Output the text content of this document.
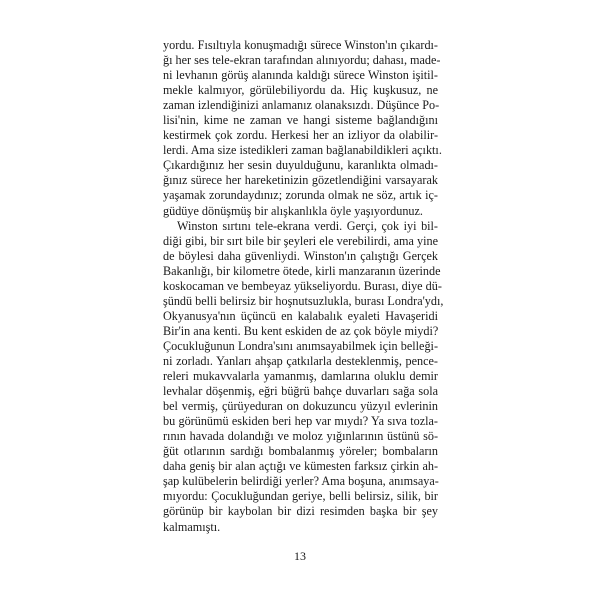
yordu. Fısıltıyla konuşmadığı sürece Winston'ın çıkardı-
ğı her ses tele-ekran tarafından alınıyordu; dahası, made-
ni levhanın görüş alanında kaldığı sürece Winston işitil-
mekle kalmıyor, görülebiliyordu da. Hiç kuşkusuz, ne
zaman izlendiğinizi anlamanız olanaksızdı. Düşünce Po-
lisi'nin, kime ne zaman ve hangi sisteme bağlandığını
kestirmek çok zordu. Herkesi her an izliyor da olabilir-
lerdi. Ama size istedikleri zaman bağlanabildikleri açıktı.
Çıkardığınız her sesin duyulduğunu, karanlıkta olmadı-
ğınız sürece her hareketinizin gözetlendiğini varsayarak
yaşamak zorundaydınız; zorunda olmak ne söz, artık iç-
güdüye dönüşmüş bir alışkanlıkla öyle yaşıyordunuz.
Winston sırtını tele-ekrana verdi. Gerçi, çok iyi bil-
diği gibi, bir sırt bile bir şeyleri ele verebilirdi, ama yine
de böylesi daha güvenliydi. Winston'ın çalıştığı Gerçek
Bakanlığı, bir kilometre ötede, kirli manzaranın üzerinde
koskocaman ve bembeyaz yükseliyordu. Burası, diye dü-
şündü belli belirsiz bir hoşnutsuzlukla, burası Londra'ydı,
Okyanusya'nın üçüncü en kalabalık eyaleti Havaşeridi
Bir'in ana kenti. Bu kent eskiden de az çok böyle miydi?
Çocukluğunun Londra'sını anımsayabilmek için belleği-
ni zorladı. Yanları ahşap çatkılarla desteklenmiş, pence-
releri mukavvalarla yamanmış, damlarına oluklu demir
levhalar döşenmiş, eğri büğrü bahçe duvarları sağa sola
bel vermiş, çürüyeduran on dokuzuncu yüzyıl evlerinin
bu görünümü eskiden beri hep var mıydı? Ya sıva tozla-
rının havada dolandığı ve moloz yığınlarının üstünü sö-
ğüt otlarının sardığı bombalanmış yöreler; bombaların
daha geniş bir alan açtığı ve kümesten farksız çirkin ah-
şap kulübelerin belirdiği yerler? Ama boşuna, anımsaya-
mıyordu: Çocukluğundan geriye, belli belirsiz, silik, bir
görünüp bir kaybolan bir dizi resimden başka bir şey
kalmamıştı.
13
